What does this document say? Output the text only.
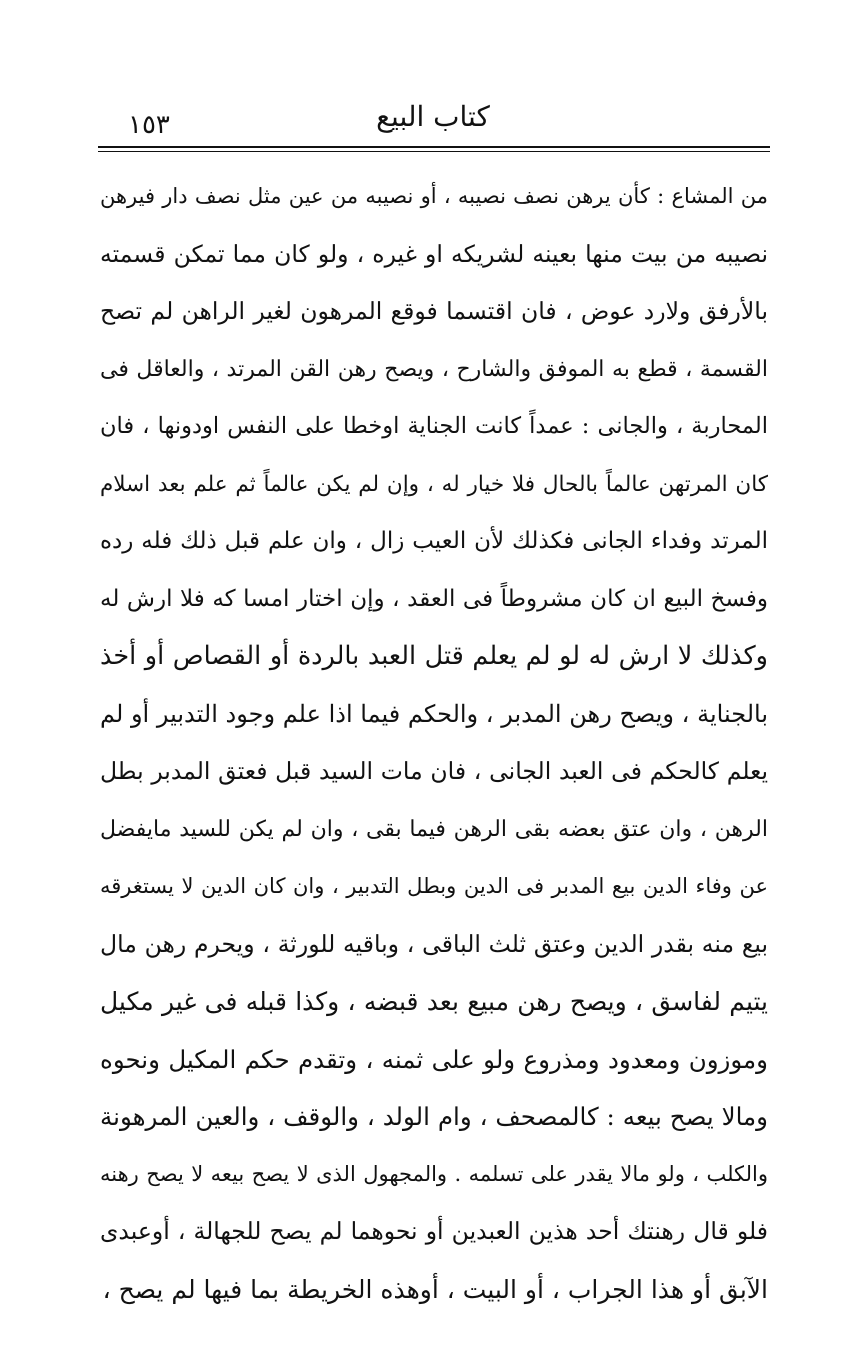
١٥٣	كتاب البيع
من المشاع : كأن يرهن نصف نصيبه ، أو نصيبه من عين مثل نصف دار فيرهن
نصيبه من بيت منها بعينه لشريكه او غيره ، ولو كان مما تمكن قسمته
بالأرفق ولارد عوض ، فان اقتسما فوقع المرهون لغير الراهن لم تصح
القسمة ، قطع به الموفق والشارح ، ويصح رهن القن المرتد ، والعاقل فى
المحاربة ، والجانى : عمداً كانت الجناية اوخطا على النفس اودونها ، فان
كان المرتهن عالماً بالحال فلا خيار له ، وإن لم يكن عالماً ثم علم بعد اسلام
المرتد وفداء الجانى فكذلك لأن العيب زال ، وان علم قبل ذلك فله رده
وفسخ البيع ان كان مشروطاً فى العقد ، وإن اختار امسا كه فلا ارش له
وكذلك لا ارش له لو لم يعلم قتل العبد بالردة أو القصاص أو أخذ
بالجناية ، ويصح رهن المدبر ، والحكم فيما اذا علم وجود التدبير أو لم
يعلم كالحكم فى العبد الجانى ، فان مات السيد قبل فعتق المدبر بطل
الرهن ، وان عتق بعضه بقى الرهن فيما بقى ، وان لم يكن للسيد مايفضل
عن وفاء الدين بيع المدبر فى الدين وبطل التدبير ، وان كان الدين لا يستغرقه
بيع منه بقدر الدين وعتق ثلث الباقى ، وباقيه للورثة ، ويحرم رهن مال
يتيم لفاسق ، ويصح رهن مبيع بعد قبضه ، وكذا قبله فى غير مكيل
وموزون ومعدود ومذروع ولو على ثمنه ، وتقدم حكم المكيل ونحوه
ومالا يصح بيعه : كالمصحف ، وام الولد ، والوقف ، والعين المرهونة
والكلب ، ولو مالا يقدر على تسلمه . والمجهول الذى لا يصح بيعه لا يصح رهنه
فلو قال رهنتك أحد هذين العبدين أو نحوهما لم يصح للجهالة ، أوعبدى
الآبق أو هذا الجراب ، أو البيت ، أوهذه الخريطة بما فيها لم يصح ،
